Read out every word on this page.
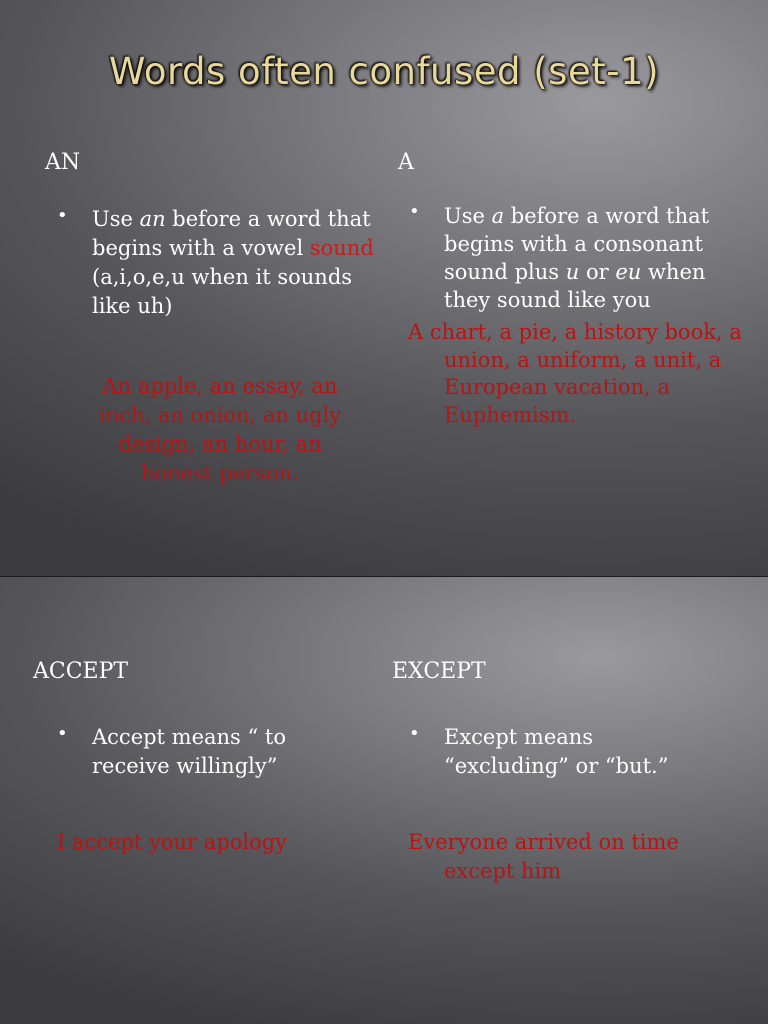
Words often confused (set-1)
AN	A
• Use an before a word that begins with a vowel sound (a,i,o,e,u when it sounds like uh)
An apple, an essay, an inch, an onion, an ugly design, an hour, an honest person.
• Use a before a word that begins with a consonant sound plus u or eu when they sound like you
A chart, a pie, a history book, a union, a uniform, a unit, a European vacation, a Euphemism.
ACCEPT	EXCEPT
• Accept means “ to receive willingly”
• Except means “excluding” or “but.”
I accept your apology	Everyone arrived on time except him
